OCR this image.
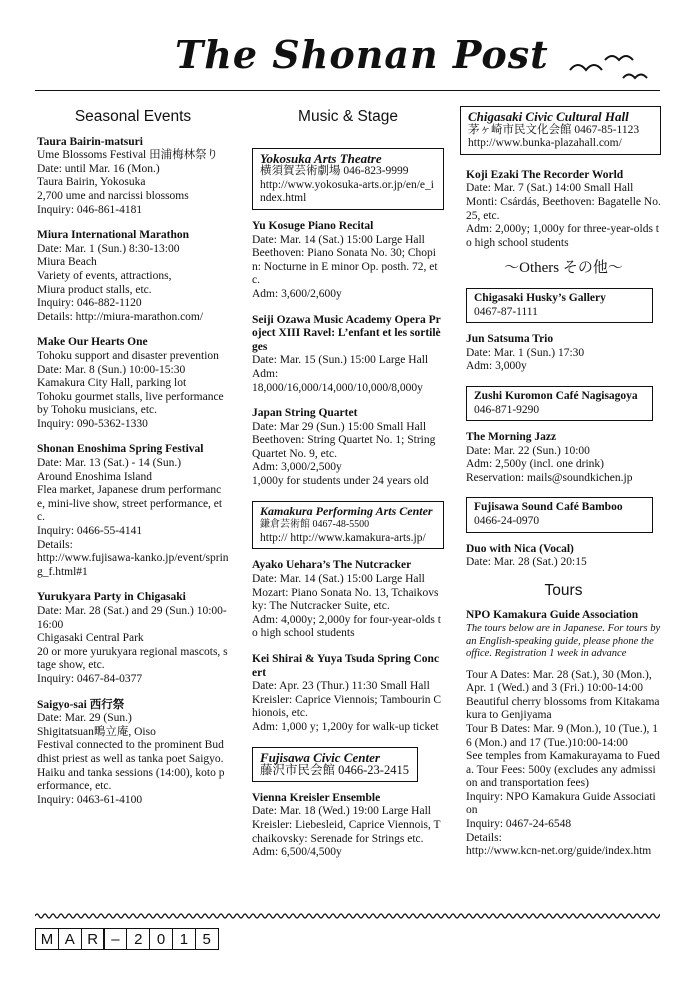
The Shonan Post
Seasonal Events
Taura Bairin-matsuri
Ume Blossoms Festival 田浦梅林祭り
Date: until Mar. 16 (Mon.)
Taura Bairin, Yokosuka
2,700 ume and narcissi blossoms
Inquiry: 046-861-4181
Miura International Marathon
Date: Mar. 1 (Sun.) 8:30-13:00
Miura Beach
Variety of events, attractions,
Miura product stalls, etc.
Inquiry: 046-882-1120
Details: http://miura-marathon.com/
Make Our Hearts One
Tohoku support and disaster prevention
Date: Mar. 8 (Sun.) 10:00-15:30
Kamakura City Hall, parking lot
Tohoku gourmet stalls, live performance by Tohoku musicians, etc.
Inquiry: 090-5362-1330
Shonan Enoshima Spring Festival
Date: Mar. 13 (Sat.) - 14 (Sun.)
Around Enoshima Island
Flea market, Japanese drum performance, mini-live show, street performance, etc.
Inquiry: 0466-55-4141
Details:
http://www.fujisawa-kanko.jp/event/spring_f.html#1
Yurukyara Party in Chigasaki
Date: Mar. 28 (Sat.) and 29 (Sun.) 10:00-16:00
Chigasaki Central Park
20 or more yurukyara regional mascots, stage show, etc.
Inquiry: 0467-84-0377
Saigyo-sai 西行祭
Date: Mar. 29 (Sun.)
Shigitatsuan鴫立庵, Oiso
Festival connected to the prominent Buddhist priest as well as tanka poet Saigyo.
Haiku and tanka sessions (14:00), koto performance, etc.
Inquiry: 0463-61-4100
Music & Stage
Yokosuka Arts Theatre
横須賀芸術劇場 046-823-9999
http://www.yokosuka-arts.or.jp/en/e_index.html
Yu Kosuge Piano Recital
Date: Mar. 14 (Sat.) 15:00 Large Hall
Beethoven: Piano Sonata No. 30; Chopin: Nocturne in E minor Op. posth. 72, etc.
Adm: 3,600/2,600y
Seiji Ozawa Music Academy Opera Project XIII Ravel: L’enfant et les sortilèges
Date: Mar. 15 (Sun.) 15:00 Large Hall
Adm:
18,000/16,000/14,000/10,000/8,000y
Japan String Quartet
Date: Mar 29 (Sun.) 15:00 Small Hall
Beethoven: String Quartet No. 1; String Quartet No. 9, etc.
Adm: 3,000/2,500y
1,000y for students under 24 years old
Kamakura Performing Arts Center
鎌倉芸術館 0467-48-5500
http:// http://www.kamakura-arts.jp/
Ayako Uehara’s The Nutcracker
Date: Mar. 14 (Sat.) 15:00 Large Hall
Mozart: Piano Sonata No. 13, Tchaikovsky: The Nutcracker Suite, etc.
Adm: 4,000y; 2,000y for four-year-olds to high school students
Kei Shirai & Yuya Tsuda Spring Concert
Date: Apr. 23 (Thur.) 11:30 Small Hall
Kreisler: Caprice Viennois; Tambourin Chionois, etc.
Adm: 1,000 y; 1,200y for walk-up ticket
Fujisawa Civic Center
藤沢市民会館 0466-23-2415
Vienna Kreisler Ensemble
Date: Mar. 18 (Wed.) 19:00 Large Hall
Kreisler: Liebesleid, Caprice Viennois, Tchaikovsky: Serenade for Strings etc.
Adm: 6,500/4,500y
Chigasaki Civic Cultural Hall
茅ヶ崎市民文化会館 0467-85-1123
http://www.bunka-plazahall.com/
Koji Ezaki The Recorder World
Date: Mar. 7 (Sat.) 14:00 Small Hall
Monti: Csárdás, Beethoven: Bagatelle No. 25, etc.
Adm: 2,000y; 1,000y for three-year-olds to high school students
〜Others その他〜
Chigasaki Husky’s Gallery
0467-87-1111
Jun Satsuma Trio
Date: Mar. 1 (Sun.) 17:30
Adm: 3,000y
Zushi Kuromon Café Nagisagoya
046-871-9290
The Morning Jazz
Date: Mar. 22 (Sun.) 10:00
Adm: 2,500y (incl. one drink)
Reservation: mails@soundkichen.jp
Fujisawa Sound Café Bamboo
0466-24-0970
Duo with Nica (Vocal)
Date: Mar. 28 (Sat.) 20:15
Tours
NPO Kamakura Guide Association
The tours below are in Japanese. For tours by an English-speaking guide, please phone the office. Registration 1 week in advance
Tour A Dates: Mar. 28 (Sat.), 30 (Mon.), Apr. 1 (Wed.) and 3 (Fri.) 10:00-14:00
Beautiful cherry blossoms from Kitakamakura to Genjiyama
Tour B Dates: Mar. 9 (Mon.), 10 (Tue.), 16 (Mon.) and 17 (Tue.)10:00-14:00
See temples from Kamakurayama to Fueda. Tour Fees: 500y (excludes any admission and transportation fees)
Inquiry: NPO Kamakura Guide Association
Inquiry: 0467-24-6548
Details:
http://www.kcn-net.org/guide/index.htm
M A R – 2 0 1 5
